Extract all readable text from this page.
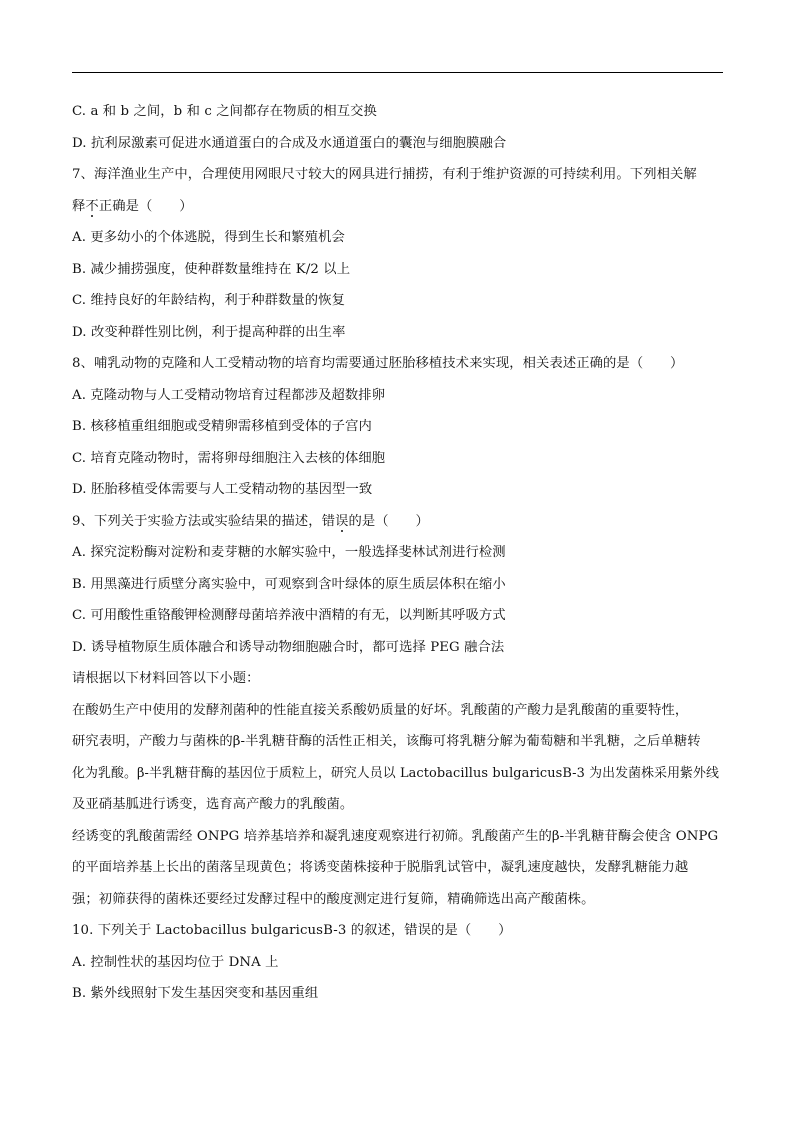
C. a 和 b 之间，b 和 c 之间都存在物质的相互交换
D. 抗利尿激素可促进水通道蛋白的合成及水通道蛋白的囊泡与细胞膜融合
7、海洋渔业生产中，合理使用网眼尺寸较大的网具进行捕捞，有利于维护资源的可持续利用。下列相关解
释不正确是（　　）
A. 更多幼小的个体逃脱，得到生长和繁殖机会
B. 减少捕捞强度，使种群数量维持在 K/2 以上
C. 维持良好的年龄结构，利于种群数量的恢复
D. 改变种群性别比例，利于提高种群的出生率
8、哺乳动物的克隆和人工受精动物的培育均需要通过胚胎移植技术来实现，相关表述正确的是（　　）
A. 克隆动物与人工受精动物培育过程都涉及超数排卵
B. 核移植重组细胞或受精卵需移植到受体的子宫内
C. 培育克隆动物时，需将卵母细胞注入去核的体细胞
D. 胚胎移植受体需要与人工受精动物的基因型一致
9、下列关于实验方法或实验结果的描述，错误的是（　　）
A. 探究淀粉酶对淀粉和麦芽糖的水解实验中，一般选择斐林试剂进行检测
B. 用黑藻进行质壁分离实验中，可观察到含叶绿体的原生质层体积在缩小
C. 可用酸性重铬酸钾检测酵母菌培养液中酒精的有无，以判断其呼吸方式
D. 诱导植物原生质体融合和诱导动物细胞融合时，都可选择 PEG 融合法
请根据以下材料回答以下小题：
在酸奶生产中使用的发酵剂菌种的性能直接关系酸奶质量的好坏。乳酸菌的产酸力是乳酸菌的重要特性，
研究表明，产酸力与菌株的β-半乳糖苷酶的活性正相关，该酶可将乳糖分解为葡萄糖和半乳糖，之后单糖转
化为乳酸。β-半乳糖苷酶的基因位于质粒上，研究人员以 Lactobacillus bulgaricusB-3 为出发菌株采用紫外线
及亚硝基胍进行诱变，选育高产酸力的乳酸菌。
经诱变的乳酸菌需经 ONPG 培养基培养和凝乳速度观察进行初筛。乳酸菌产生的β-半乳糖苷酶会使含 ONPG
的平面培养基上长出的菌落呈现黄色；将诱变菌株接种于脱脂乳试管中，凝乳速度越快，发酵乳糖能力越
强；初筛获得的菌株还要经过发酵过程中的酸度测定进行复筛，精确筛选出高产酸菌株。
10. 下列关于 Lactobacillus bulgaricusB-3 的叙述，错误的是（　　）
A. 控制性状的基因均位于 DNA 上
B. 紫外线照射下发生基因突变和基因重组
